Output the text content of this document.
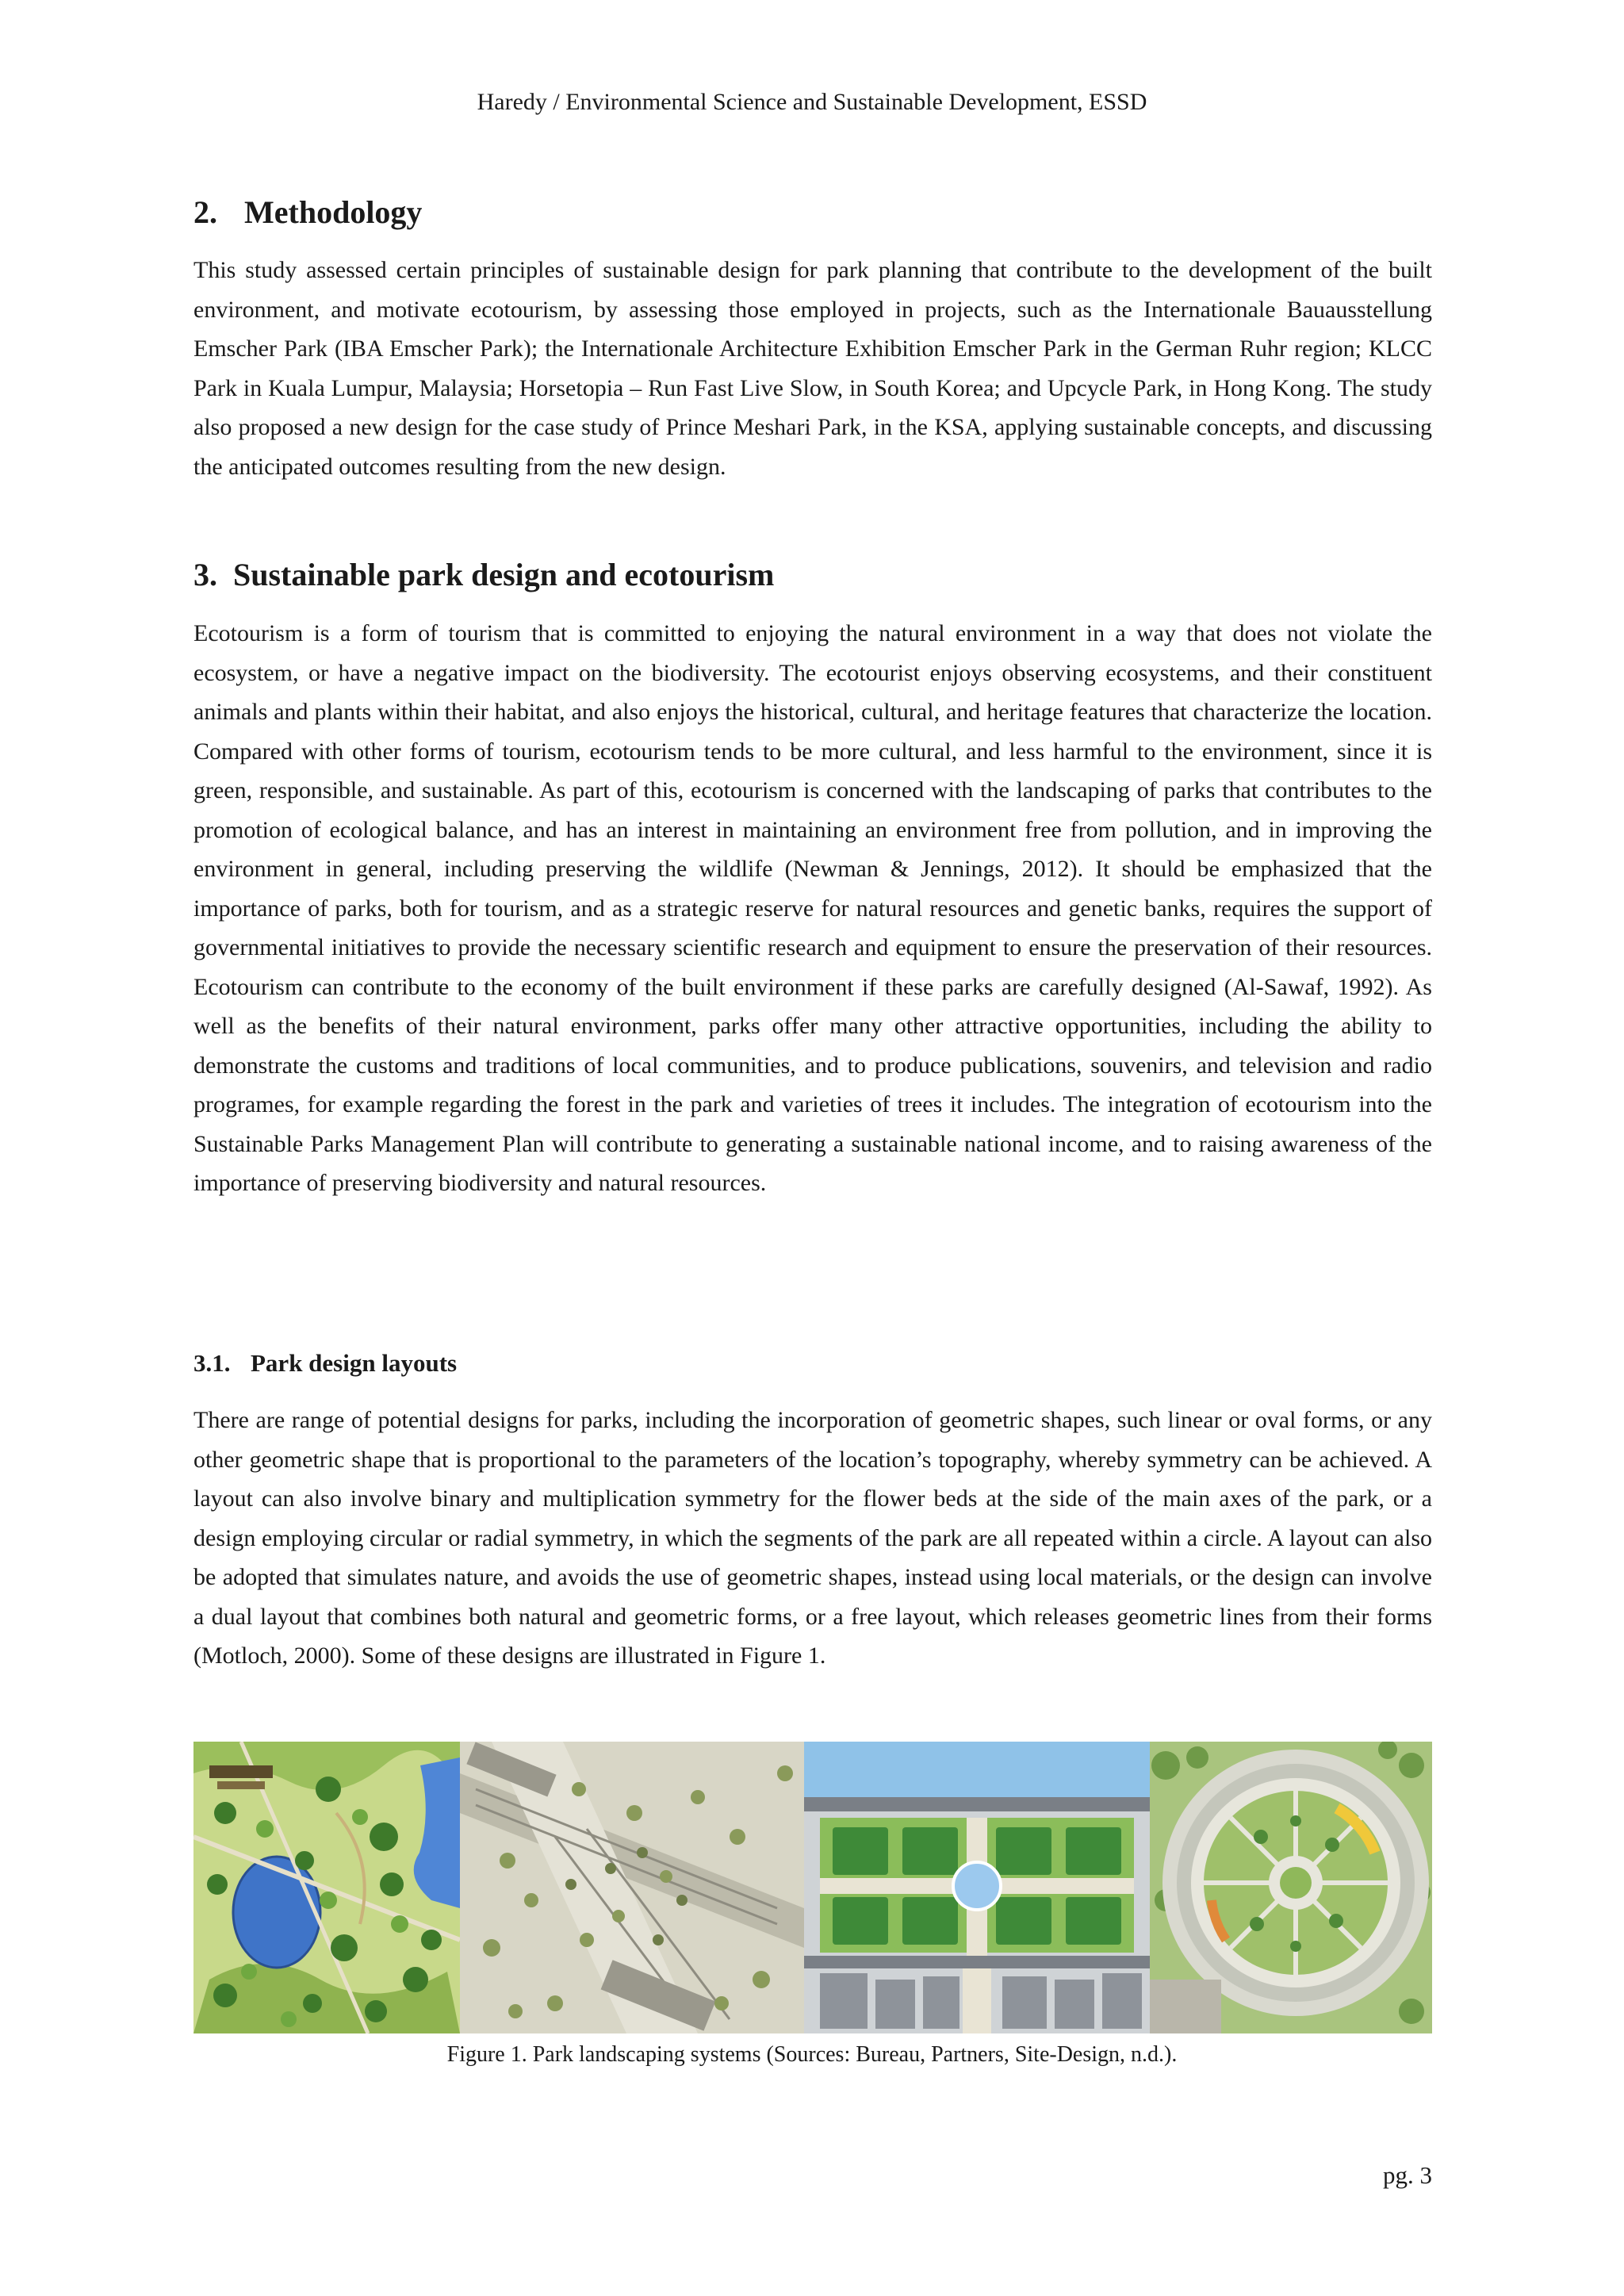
Haredy / Environmental Science and Sustainable Development, ESSD
2. Methodology

This study assessed certain principles of sustainable design for park planning that contribute to the development of the built environment, and motivate ecotourism, by assessing those employed in projects, such as the Internationale Bauausstellung Emscher Park (IBA Emscher Park); the Internationale Architecture Exhibition Emscher Park in the German Ruhr region; KLCC Park in Kuala Lumpur, Malaysia; Horsetopia – Run Fast Live Slow, in South Korea; and Upcycle Park, in Hong Kong. The study also proposed a new design for the case study of Prince Meshari Park, in the KSA, applying sustainable concepts, and discussing the anticipated outcomes resulting from the new design.

3. Sustainable park design and ecotourism

Ecotourism is a form of tourism that is committed to enjoying the natural environment in a way that does not violate the ecosystem, or have a negative impact on the biodiversity. The ecotourist enjoys observing ecosystems, and their constituent animals and plants within their habitat, and also enjoys the historical, cultural, and heritage features that characterize the location. Compared with other forms of tourism, ecotourism tends to be more cultural, and less harmful to the environment, since it is green, responsible, and sustainable. As part of this, ecotourism is concerned with the landscaping of parks that contributes to the promotion of ecological balance, and has an interest in maintaining an environment free from pollution, and in improving the environment in general, including preserving the wildlife (Newman & Jennings, 2012). It should be emphasized that the importance of parks, both for tourism, and as a strategic reserve for natural resources and genetic banks, requires the support of governmental initiatives to provide the necessary scientific research and equipment to ensure the preservation of their resources. Ecotourism can contribute to the economy of the built environment if these parks are carefully designed (Al-Sawaf, 1992). As well as the benefits of their natural environment, parks offer many other attractive opportunities, including the ability to demonstrate the customs and traditions of local communities, and to produce publications, souvenirs, and television and radio programes, for example regarding the forest in the park and varieties of trees it includes. The integration of ecotourism into the Sustainable Parks Management Plan will contribute to generating a sustainable national income, and to raising awareness of the importance of preserving biodiversity and natural resources.

3.1. Park design layouts

There are range of potential designs for parks, including the incorporation of geometric shapes, such linear or oval forms, or any other geometric shape that is proportional to the parameters of the location’s topography, whereby symmetry can be achieved. A layout can also involve binary and multiplication symmetry for the flower beds at the side of the main axes of the park, or a design employing circular or radial symmetry, in which the segments of the park are all repeated within a circle. A layout can also be adopted that simulates nature, and avoids the use of geometric shapes, instead using local materials, or the design can involve a dual layout that combines both natural and geometric forms, or a free layout, which releases geometric lines from their forms (Motloch, 2000). Some of these designs are illustrated in Figure 1.

Figure 1. Park landscaping systems (Sources: Bureau, Partners, Site-Design, n.d.).
pg. 3
